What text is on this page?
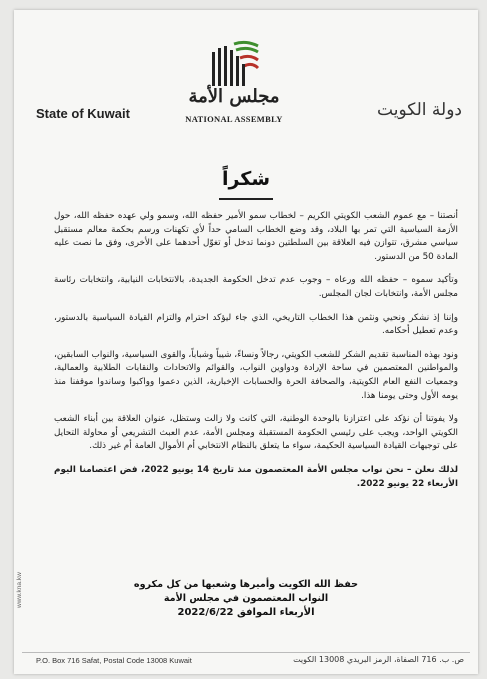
مجلس الأمة
NATIONAL ASSEMBLY
State of Kuwait	دولة الكويت
شكراً

أنصتنا – مع عموم الشعب الكويتي الكريم – لخطاب سمو الأمير حفظه الله، وسمو ولي عهده حفظه الله، حول الأزمة السياسية التي تمر بها البلاد، وقد وضع الخطاب السامي حداً لأي تكهنات ورسم بحكمة معالم مستقبل سياسي مشرق، تتوازن فيه العلاقة بين السلطتين دونما تدخل أو تغوّل أحدهما على الأخرى، وفق ما نصت عليه المادة 50 من الدستور.

وتأكيد سموه – حفظه الله ورعاه – وجوب عدم تدخل الحكومة الجديدة، بالانتخابات النيابية، وانتخابات رئاسة مجلس الأمة، وانتخابات لجان المجلس.

وإننا إذ نشكر ونحيي ونثمن هذا الخطاب التاريخي، الذي جاء ليؤكد احترام والتزام القيادة السياسية بالدستور، وعدم تعطيل أحكامه.

ونود بهذه المناسبة تقديم الشكر للشعب الكويتي، رجالاً ونساءً، شيباً وشباباً، والقوى السياسية، والنواب السابقين، والمواطنين المعتصمين في ساحة الإرادة ودواوين النواب، والقوائم والاتحادات والنقابات الطلابية والعمالية، وجمعيات النفع العام الكويتية، والصحافة الحرة والحسابات الإخبارية، الذين دعموا وواكبوا وساندوا موقفنا منذ يومه الأول وحتى يومنا هذا.

ولا يفوتنا أن نؤكد على اعتزازنا بالوحدة الوطنية، التي كانت ولا زالت وستظل، عنوان العلاقة بين أبناء الشعب الكويتي الواحد، ويجب على رئيسي الحكومة المستقبلة ومجلس الأمة، عدم العبث التشريعي أو محاولة التحايل على توجيهات القيادة السياسية الحكيمة، سواء ما يتعلق بالنظام الانتخابي أم الأموال العامة أم غير ذلك.

لذلك نعلن – نحن نواب مجلس الأمة المعتصمون منذ تاريخ 14 يونيو 2022، فض اعتصامنا اليوم الأربعاء 22 يونيو 2022.

حفظ الله الكويت وأميرها وشعبها من كل مكروه
النواب المعتصمون في مجلس الأمة
الأربعاء الموافق 2022/6/22
www.kna.kw
P.O. Box 716 Safat, Postal Code 13008 Kuwait	ص. ب. 716 الصفاة، الرمز البريدي 13008 الكويت
